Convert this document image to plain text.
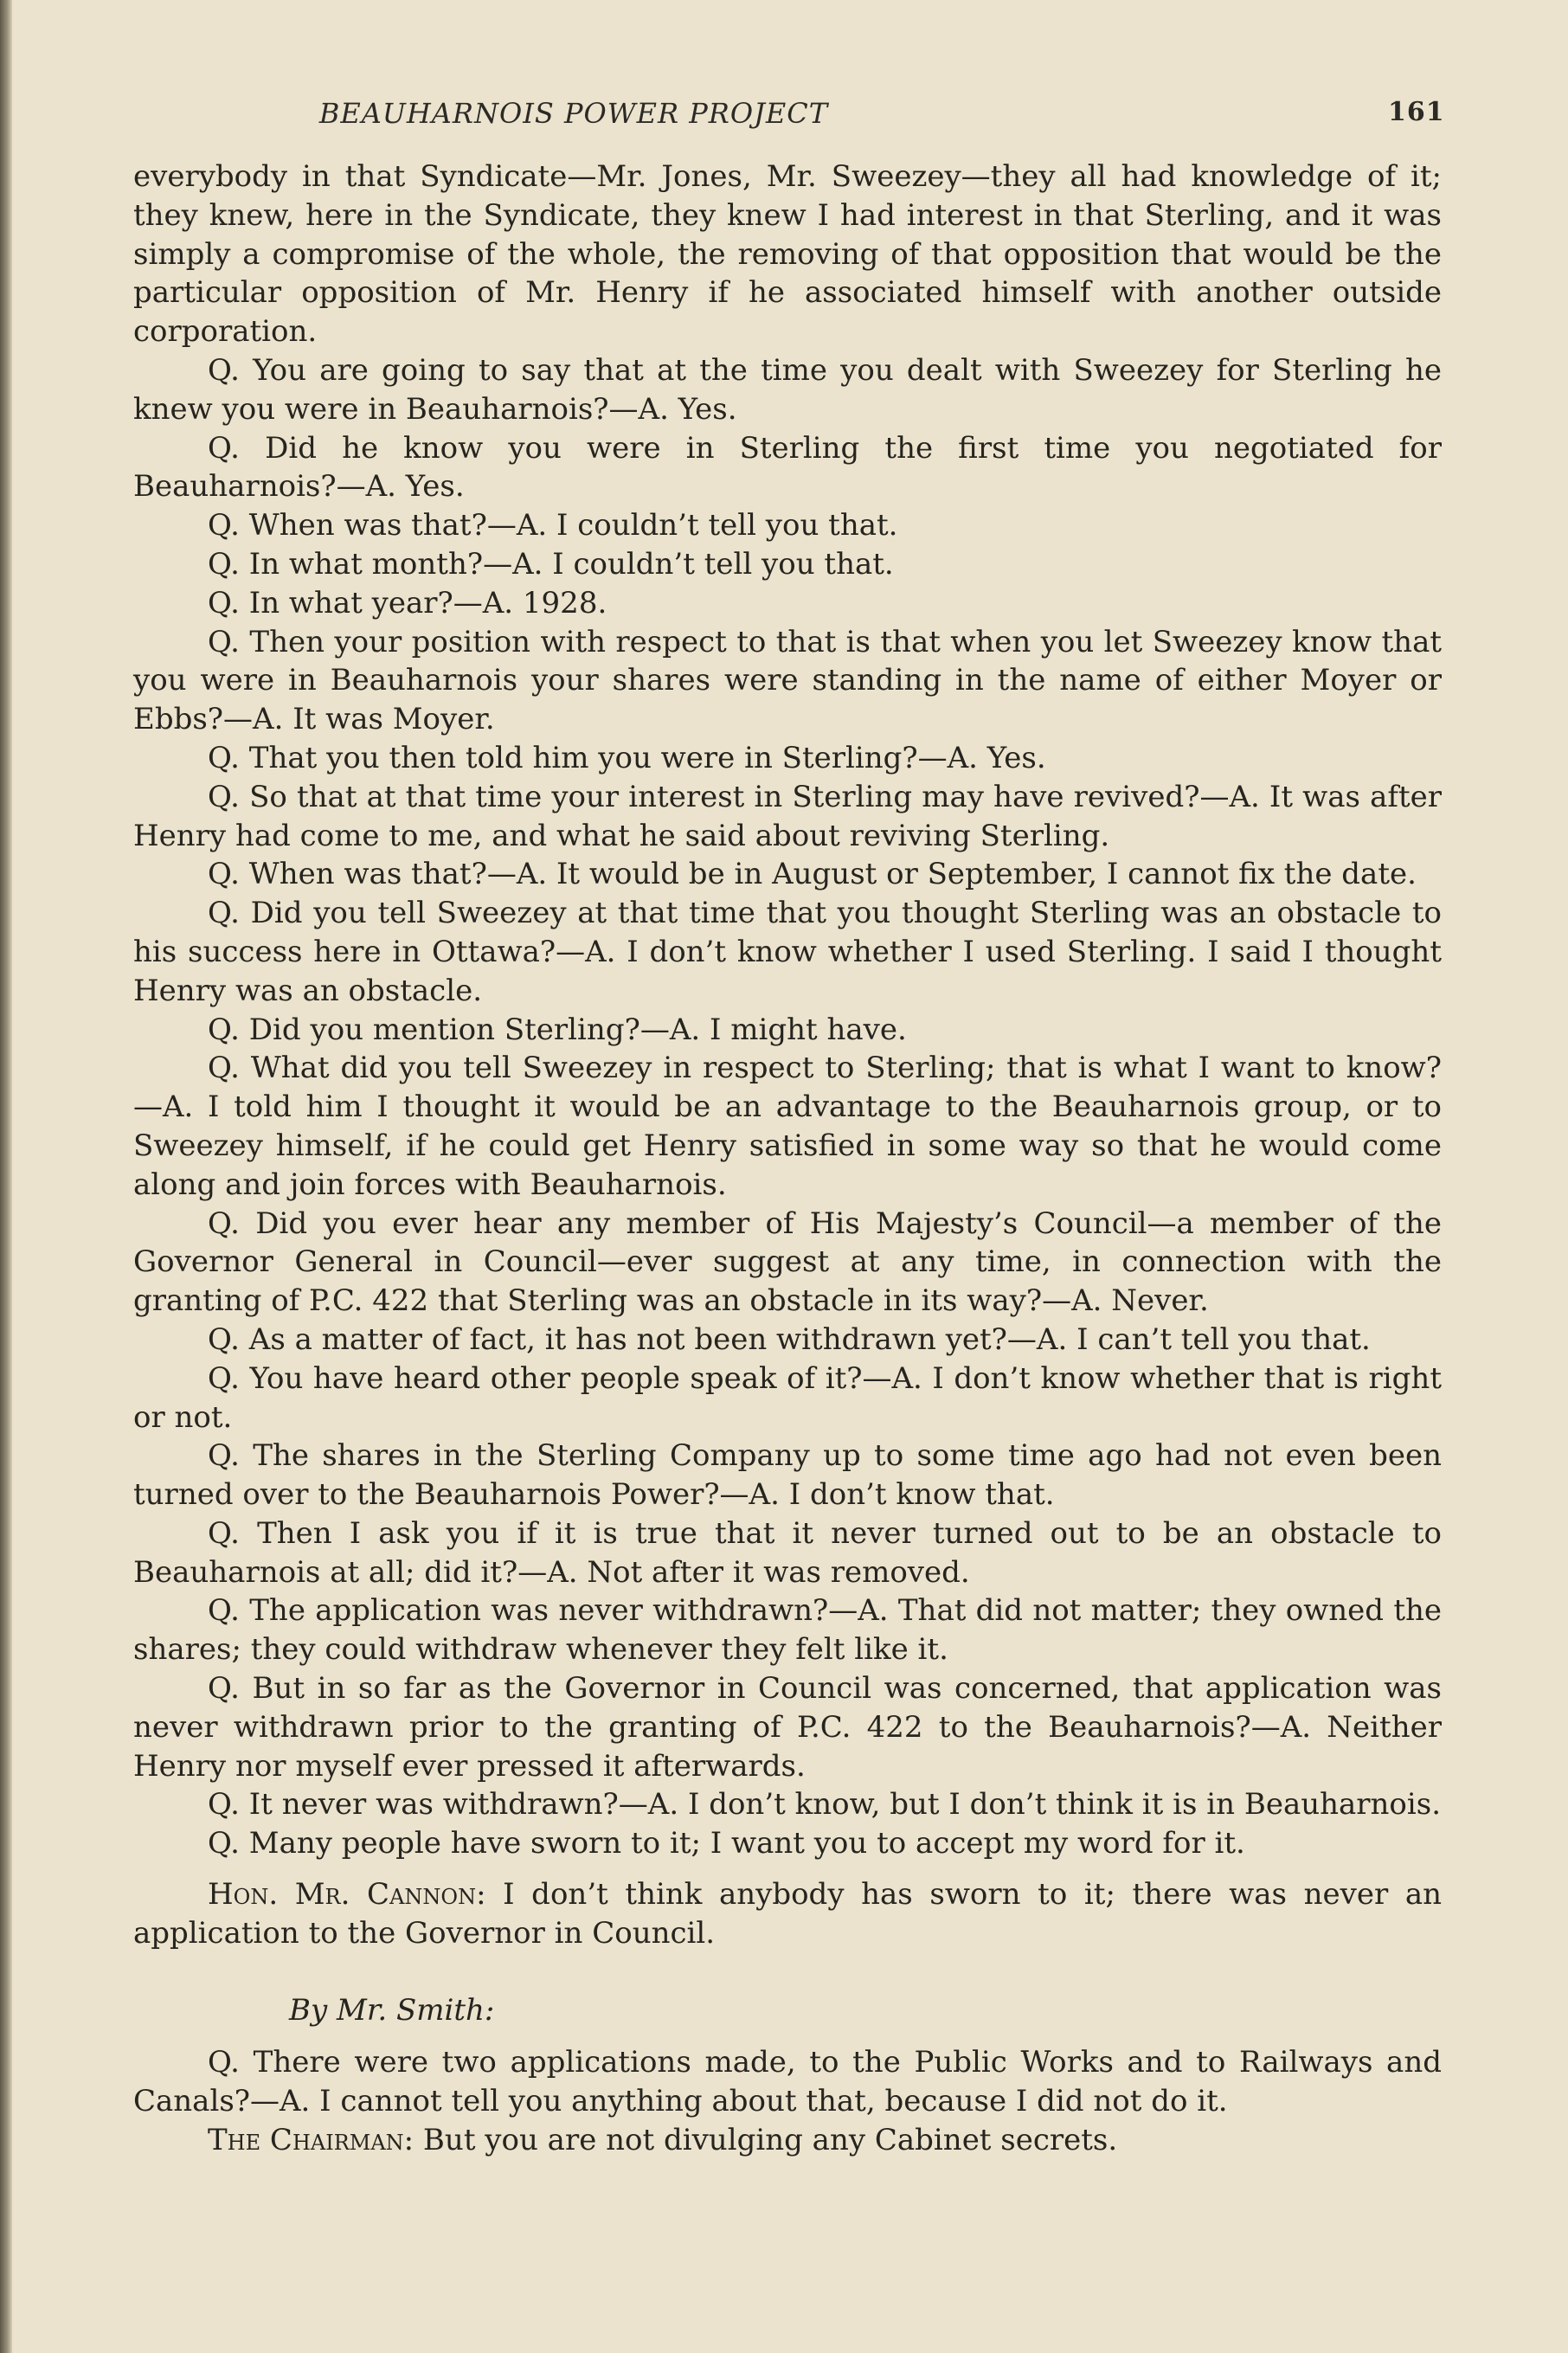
BEAUHARNOIS POWER PROJECT	161

everybody in that Syndicate—Mr. Jones, Mr. Sweezey—they all had knowledge of it; they knew, here in the Syndicate, they knew I had interest in that Sterling, and it was simply a compromise of the whole, the removing of that opposition that would be the particular opposition of Mr. Henry if he associated himself with another outside corporation.

Q. You are going to say that at the time you dealt with Sweezey for Sterling he knew you were in Beauharnois?—A. Yes.

Q. Did he know you were in Sterling the first time you negotiated for Beauharnois?—A. Yes.

Q. When was that?—A. I couldn’t tell you that.

Q. In what month?—A. I couldn’t tell you that.

Q. In what year?—A. 1928.

Q. Then your position with respect to that is that when you let Sweezey know that you were in Beauharnois your shares were standing in the name of either Moyer or Ebbs?—A. It was Moyer.

Q. That you then told him you were in Sterling?—A. Yes.

Q. So that at that time your interest in Sterling may have revived?—A. It was after Henry had come to me, and what he said about reviving Sterling.

Q. When was that?—A. It would be in August or September, I cannot fix the date.

Q. Did you tell Sweezey at that time that you thought Sterling was an obstacle to his success here in Ottawa?—A. I don’t know whether I used Sterling. I said I thought Henry was an obstacle.

Q. Did you mention Sterling?—A. I might have.

Q. What did you tell Sweezey in respect to Sterling; that is what I want to know?—A. I told him I thought it would be an advantage to the Beauharnois group, or to Sweezey himself, if he could get Henry satisfied in some way so that he would come along and join forces with Beauharnois.

Q. Did you ever hear any member of His Majesty’s Council—a member of the Governor General in Council—ever suggest at any time, in connection with the granting of P.C. 422 that Sterling was an obstacle in its way?—A. Never.

Q. As a matter of fact, it has not been withdrawn yet?—A. I can’t tell you that.

Q. You have heard other people speak of it?—A. I don’t know whether that is right or not.

Q. The shares in the Sterling Company up to some time ago had not even been turned over to the Beauharnois Power?—A. I don’t know that.

Q. Then I ask you if it is true that it never turned out to be an obstacle to Beauharnois at all; did it?—A. Not after it was removed.

Q. The application was never withdrawn?—A. That did not matter; they owned the shares; they could withdraw whenever they felt like it.

Q. But in so far as the Governor in Council was concerned, that application was never withdrawn prior to the granting of P.C. 422 to the Beauharnois?—A. Neither Henry nor myself ever pressed it afterwards.

Q. It never was withdrawn?—A. I don’t know, but I don’t think it is in Beauharnois.

Q. Many people have sworn to it; I want you to accept my word for it.

Hon. Mr. Cannon: I don’t think anybody has sworn to it; there was never an application to the Governor in Council.

By Mr. Smith:

Q. There were two applications made, to the Public Works and to Railways and Canals?—A. I cannot tell you anything about that, because I did not do it.

The Chairman: But you are not divulging any Cabinet secrets.
